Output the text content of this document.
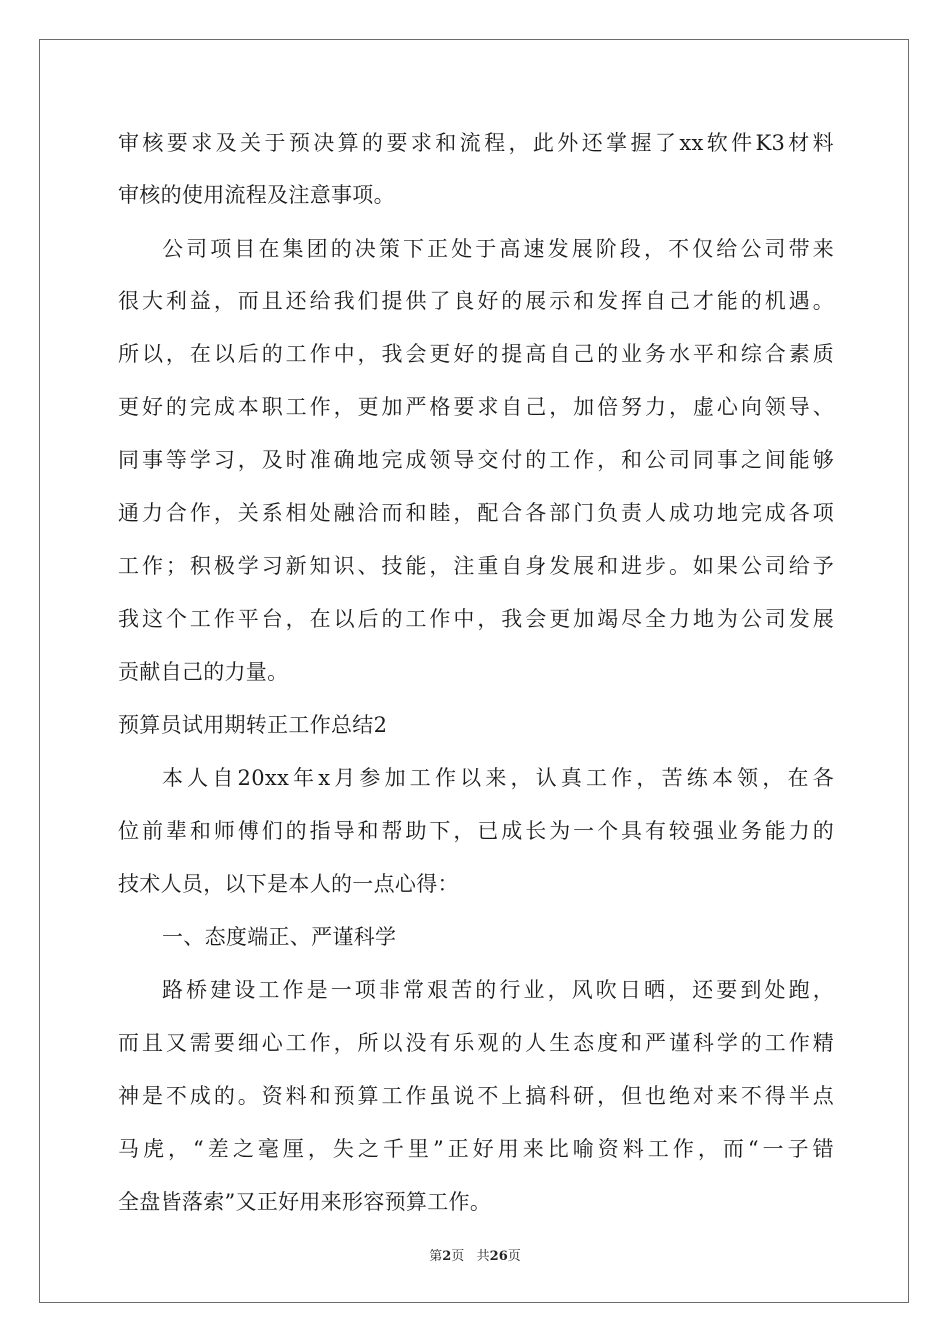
审核要求及关于预决算的要求和流程，此外还掌握了xx软件K3材料
审核的使用流程及注意事项。
公司项目在集团的决策下正处于高速发展阶段，不仅给公司带来
很大利益，而且还给我们提供了良好的展示和发挥自己才能的机遇。
所以，在以后的工作中，我会更好的提高自己的业务水平和综合素质
更好的完成本职工作，更加严格要求自己，加倍努力，虚心向领导、
同事等学习，及时准确地完成领导交付的工作，和公司同事之间能够
通力合作，关系相处融洽而和睦，配合各部门负责人成功地完成各项
工作；积极学习新知识、技能，注重自身发展和进步。如果公司给予
我这个工作平台，在以后的工作中，我会更加竭尽全力地为公司发展
贡献自己的力量。
预算员试用期转正工作总结2
本人自20xx年x月参加工作以来，认真工作，苦练本领，在各
位前辈和师傅们的指导和帮助下，已成长为一个具有较强业务能力的
技术人员，以下是本人的一点心得：
一、态度端正、严谨科学
路桥建设工作是一项非常艰苦的行业，风吹日晒，还要到处跑，
而且又需要细心工作，所以没有乐观的人生态度和严谨科学的工作精
神是不成的。资料和预算工作虽说不上搞科研，但也绝对来不得半点
马虎，“差之毫厘，失之千里”正好用来比喻资料工作，而“一子错
全盘皆落索”又正好用来形容预算工作。
第2页   共26页
